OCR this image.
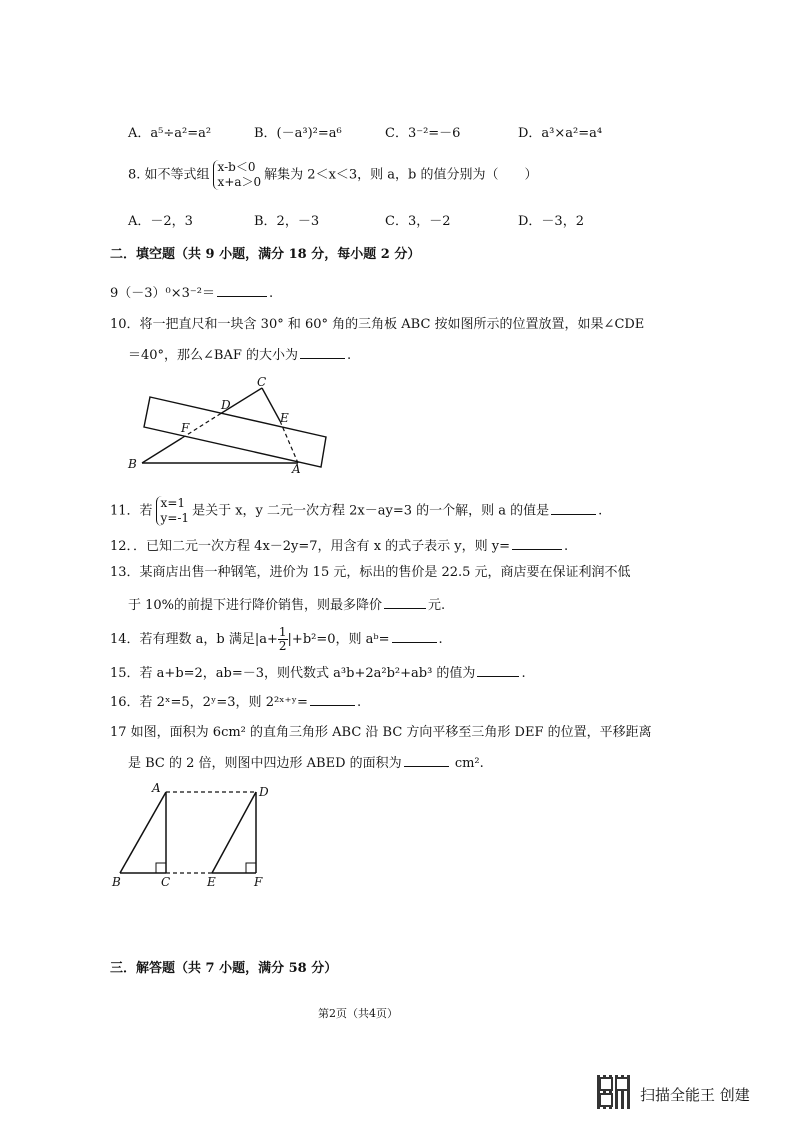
A．a⁵÷a²=a²	B．(－a³)²=a⁶	C．3⁻²=－6	D．a³×a²=a⁴
8. 如不等式组x-b＜0
x+a＞0 解集为 2＜x＜3，则 a，b 的值分别为（　　）
A．－2，3	B．2，－3	C．3，－2	D．－3，2
二．填空题（共 9 小题，满分 18 分，每小题 2 分）
9（－3）⁰×3⁻²＝	.
10．将一把直尺和一块含 30° 和 60° 角的三角板 ABC 按如图所示的位置放置，如果∠CDE
＝40°，那么∠BAF 的大小为	.
C
D
E
F
B	A
11．若x=1
y=-1 是关于 x，y 二元一次方程 2x－ay=3 的一个解，则 a 的值是	.
12．．已知二元一次方程 4x－2y=7，用含有 x 的式子表示 y，则 y=	.
13．某商店出售一种钢笔，进价为 15 元，标出的售价是 22.5 元，商店要在保证利润不低
于 10%的前提下进行降价销售，则最多降价	元.
14．若有理数 a，b 满足$|a+ \frac{1}{2} |+b^2=0$，则 aᵇ=	.
15．若 a+b=2，ab=－3，则代数式 a³b+2a²b²+ab³ 的值为	.
16．若 2ˣ=5，2ʸ=3，则 2²ˣ⁺ʸ=	.
17 如图，面积为 6cm² 的直角三角形 ABC 沿 BC 方向平移至三角形 DEF 的位置，平移距离
是 BC 的 2 倍，则图中四边形 ABED 的面积为	cm².
A	D
B	C	E	F
三．解答题（共 7 小题，满分 58 分）
第2页（共4页）
扫描全能王 创建
